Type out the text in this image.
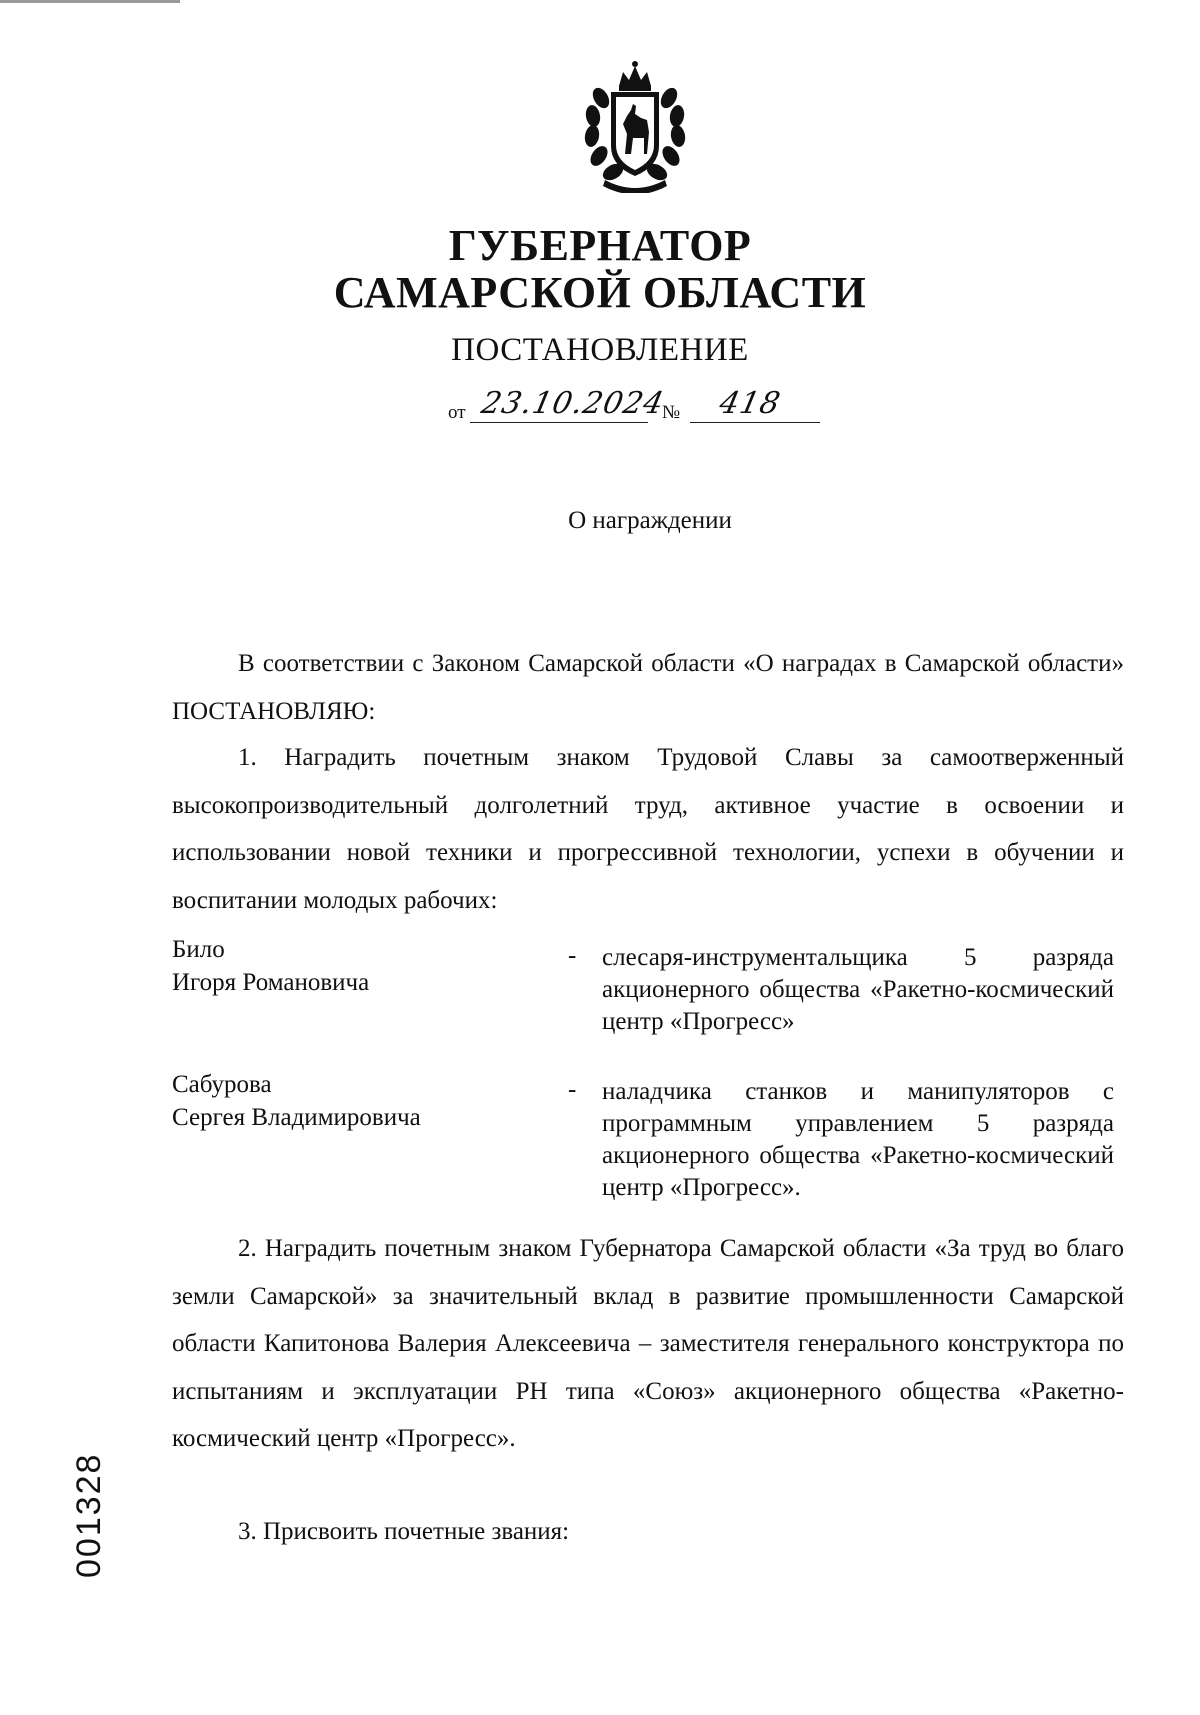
ГУБЕРНАТОР
САМАРСКОЙ ОБЛАСТИ
ПОСТАНОВЛЕНИЕ
от 23.10.2024
№ 418
О награждении
В соответствии с Законом Самарской области «О наградах в Самарской области» ПОСТАНОВЛЯЮ:
1. Наградить почетным знаком Трудовой Славы за самоотверженный высокопроизводительный долголетний труд, активное участие в освоении и использовании новой техники и прогрессивной технологии, успехи в обучении и воспитании молодых рабочих:
Било
Игоря Романовича
- слесаря-инструментальщика 5 разряда акционерного общества «Ракетно-космический центр «Прогресс»
Сабурова
Сергея Владимировича
- наладчика станков и манипуляторов с программным управлением 5 разряда акционерного общества «Ракетно-космический центр «Прогресс».
2. Наградить почетным знаком Губернатора Самарской области «За труд во благо земли Самарской» за значительный вклад в развитие промышленности Самарской области Капитонова Валерия Алексеевича – заместителя генерального конструктора по испытаниям и эксплуатации РН типа «Союз» акционерного общества «Ракетно-космический центр «Прогресс».
3. Присвоить почетные звания:
001328
